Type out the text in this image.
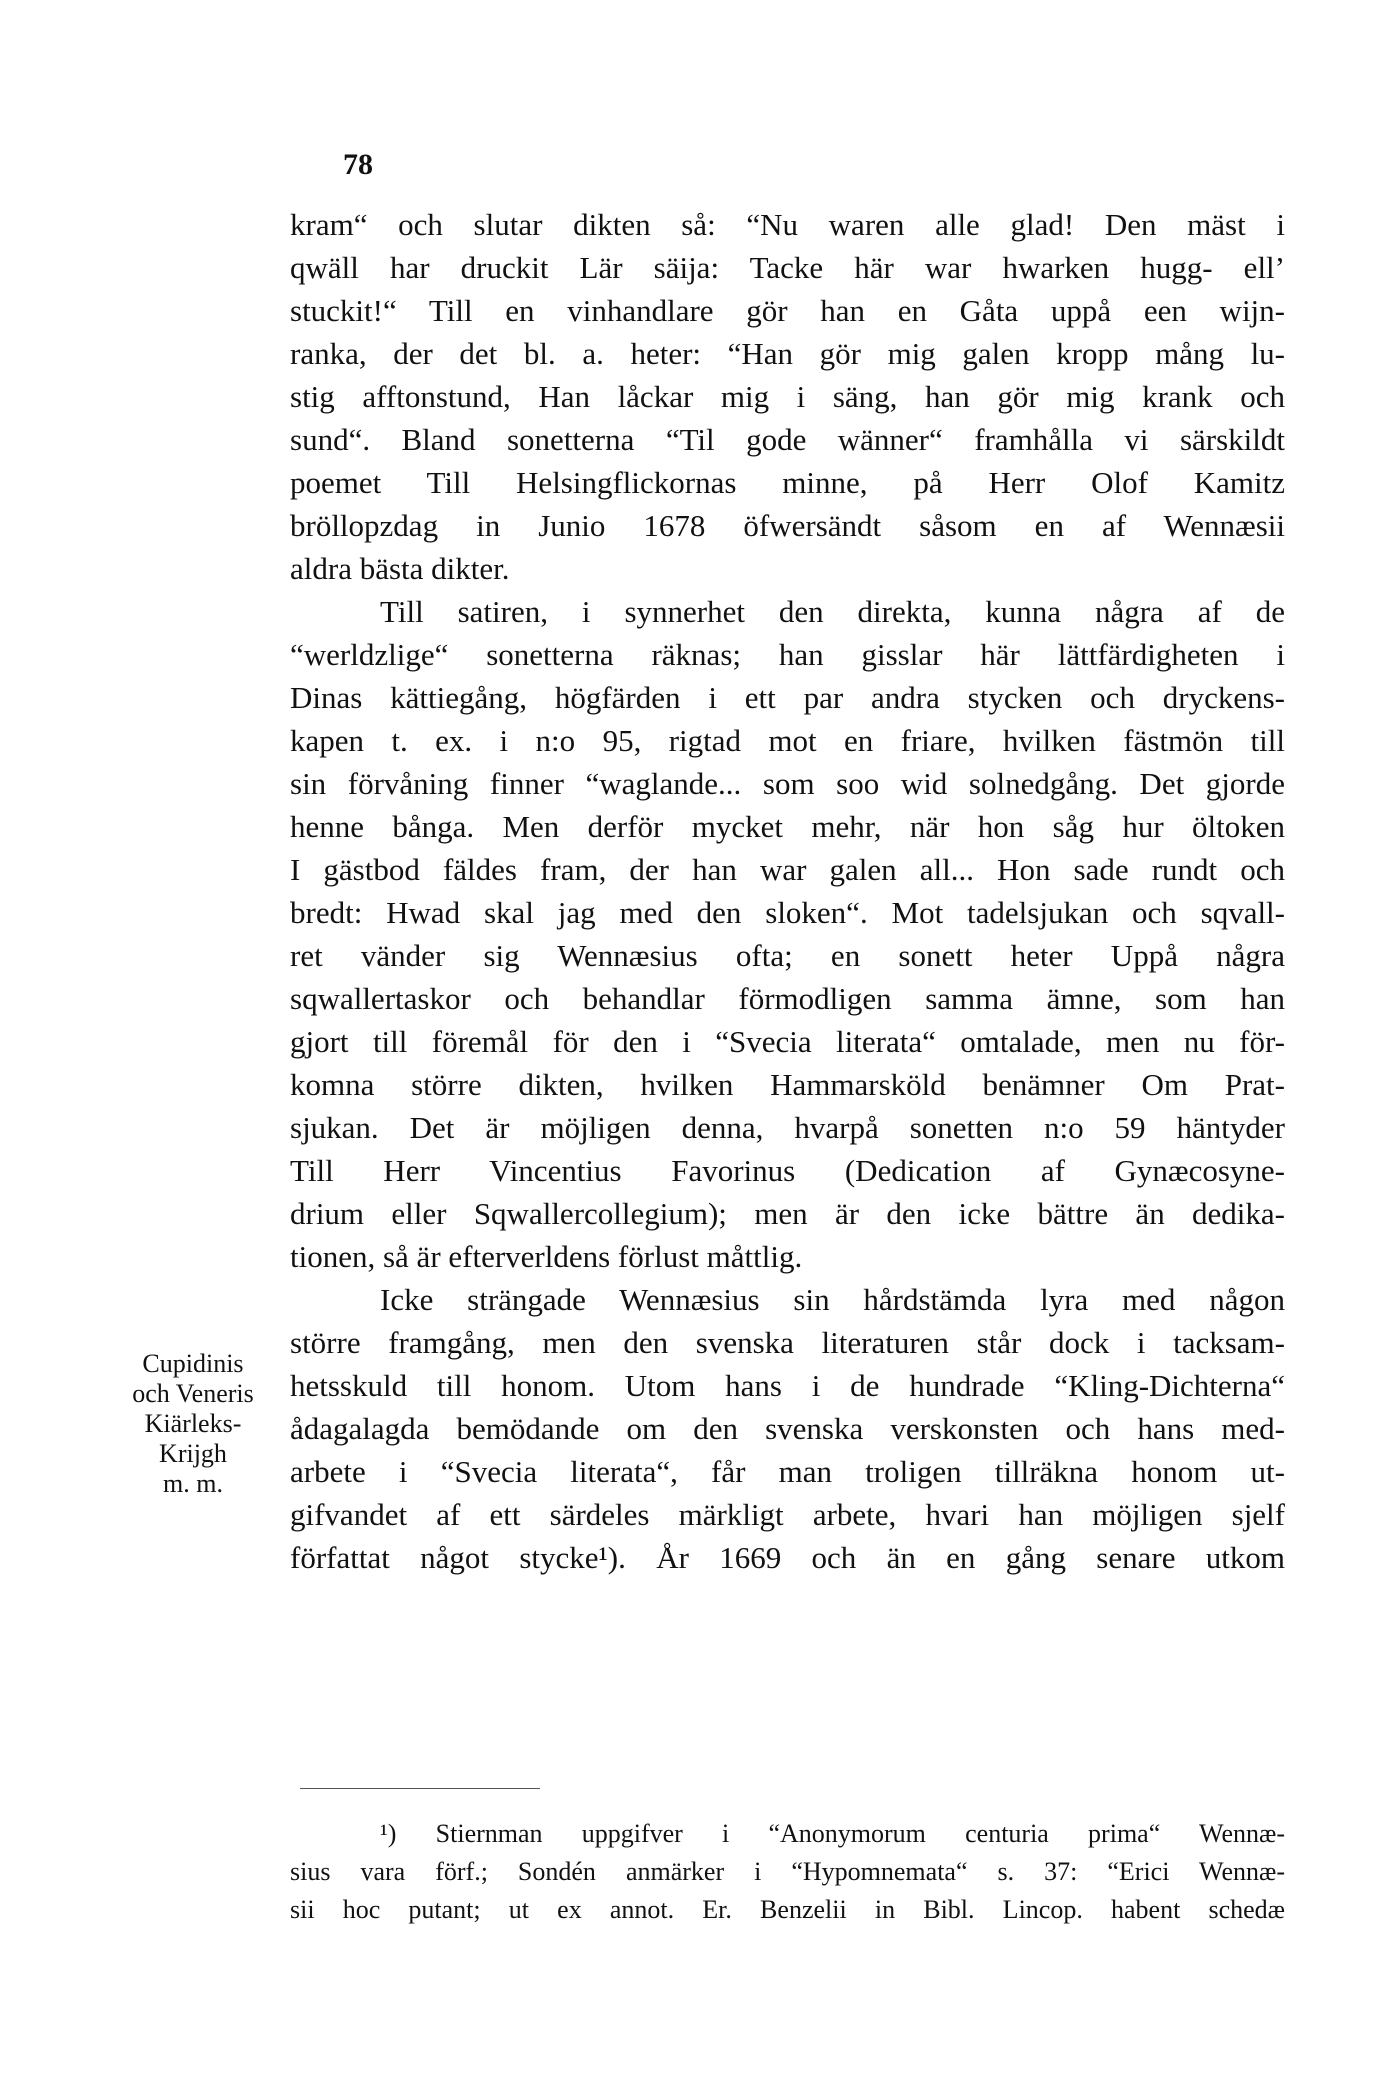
78
kram“ och slutar dikten så: “Nu waren alle glad! Den mäst i
qwäll har druckit Lär säija: Tacke här war hwarken hugg- ell’
stuckit!“ Till en vinhandlare gör han en Gåta uppå een wijn-
ranka, der det bl. a. heter: “Han gör mig galen kropp mång lu-
stig afftonstund, Han låckar mig i säng, han gör mig krank och
sund“. Bland sonetterna “Til gode wänner“ framhålla vi särskildt
poemet Till Helsingflickornas minne, på Herr Olof Kamitz
bröllopzdag in Junio 1678 öfwersändt såsom en af Wennæsii
aldra bästa dikter.
Till satiren, i synnerhet den direkta, kunna några af de
“werldzlige“ sonetterna räknas; han gisslar här lättfärdigheten i
Dinas kättiegång, högfärden i ett par andra stycken och dryckens-
kapen t. ex. i n:o 95, rigtad mot en friare, hvilken fästmön till
sin förvåning finner “waglande... som soo wid solnedgång. Det gjorde
henne bånga. Men derför mycket mehr, när hon såg hur öltoken
I gästbod fäldes fram, der han war galen all... Hon sade rundt och
bredt: Hwad skal jag med den sloken“. Mot tadelsjukan och sqvall-
ret vänder sig Wennæsius ofta; en sonett heter Uppå några
sqwallertaskor och behandlar förmodligen samma ämne, som han
gjort till föremål för den i “Svecia literata“ omtalade, men nu för-
komna större dikten, hvilken Hammarsköld benämner Om Prat-
sjukan. Det är möjligen denna, hvarpå sonetten n:o 59 häntyder
Till Herr Vincentius Favorinus (Dedication af Gynæcosyne-
drium eller Sqwallercollegium); men är den icke bättre än dedika-
tionen, så är efterverldens förlust måttlig.
Icke strängade Wennæsius sin hårdstämda lyra med någon
större framgång, men den svenska literaturen står dock i tacksam-
hetsskuld till honom. Utom hans i de hundrade “Kling-Dichterna“
ådagalagda bemödande om den svenska verskonsten och hans med-
arbete i “Svecia literata“, får man troligen tillräkna honom ut-
gifvandet af ett särdeles märkligt arbete, hvari han möjligen sjelf
författat något stycke¹). År 1669 och än en gång senare utkom
Cupidinis
och Veneris
Kiärleks-
Krijgh
m. m.
¹) Stiernman uppgifver i “Anonymorum centuria prima“ Wennæ-
sius vara förf.; Sondén anmärker i “Hypomnemata“ s. 37: “Erici Wennæ-
sii hoc putant; ut ex annot. Er. Benzelii in Bibl. Lincop. habent schedæ
